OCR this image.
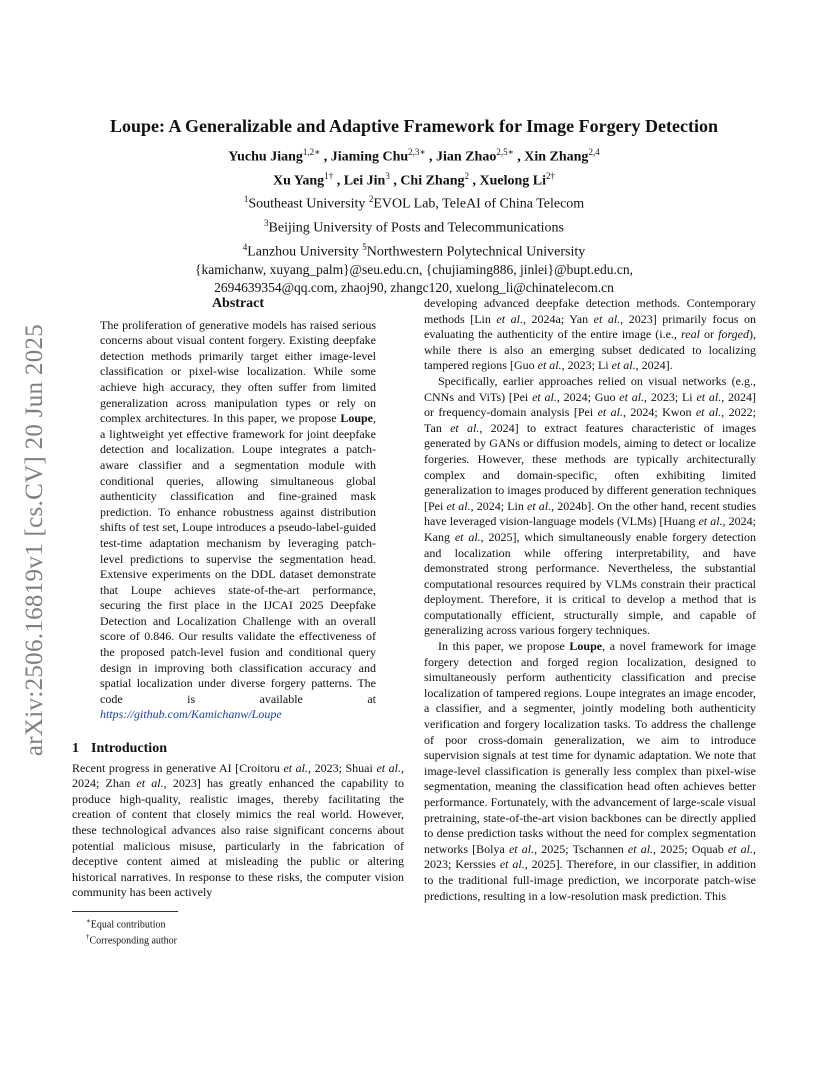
arXiv:2506.16819v1 [cs.CV] 20 Jun 2025
Loupe: A Generalizable and Adaptive Framework for Image Forgery Detection
Yuchu Jiang$^{1,2∗}$ , Jiaming Chu$^{2,3∗}$ , Jian Zhao$^{2,5∗}$ , Xin Zhang$^{2,4}$
Xu Yang$^{1\dagger}$ , Lei Jin$^3$ , Chi Zhang$^2$ , Xuelong $Li^{2\dagger}$
$^1$Southeast University $^2$EVOL Lab, TeleAI of China Telecom
$^3$Beijing University of Posts and Telecommunications
$^4$Lanzhou University $^5$Northwestern Polytechnical University
{kamichanw, xuyang_palm}@seu.edu.cn, {chujiaming886, jinlei}@bupt.edu.cn,
2694639354@qq.com, zhaoj90, zhangc120, xuelong_li@chinatelecom.cn
Abstract
The proliferation of generative models has raised serious concerns about visual content forgery. Existing deepfake detection methods primarily target either image-level classification or pixel-wise localization. While some achieve high accuracy, they often suffer from limited generalization across manipulation types or rely on complex architectures. In this paper, we propose Loupe, a lightweight yet effective framework for joint deepfake detection and localization. Loupe integrates a patch-aware classifier and a segmentation module with conditional queries, allowing simultaneous global authenticity classification and fine-grained mask prediction. To enhance robustness against distribution shifts of test set, Loupe introduces a pseudo-label-guided test-time adaptation mechanism by leveraging patch-level predictions to supervise the segmentation head. Extensive experiments on the DDL dataset demonstrate that Loupe achieves state-of-the-art performance, securing the first place in the IJCAI 2025 Deepfake Detection and Localization Challenge with an overall score of 0.846. Our results validate the effectiveness of the proposed patch-level fusion and conditional query design in improving both classification accuracy and spatial localization under diverse forgery patterns. The code is available at https://github.com/Kamichanw/Loupe
1 Introduction

Recent progress in generative AI [Croitoru et al., 2023; Shuai et al., 2024; Zhan et al., 2023] has greatly enhanced the capability to produce high-quality, realistic images, thereby facilitating the creation of content that closely mimics the real world. However, these technological advances also raise significant concerns about potential malicious misuse, particularly in the fabrication of deceptive content aimed at misleading the public or altering historical narratives. In response to these risks, the computer vision community has been actively

∗Equal contribution
†Corresponding author

developing advanced deepfake detection methods. Contemporary methods [Lin et al., 2024a; Yan et al., 2023] primarily focus on evaluating the authenticity of the entire image (i.e., real or forged), while there is also an emerging subset dedicated to localizing tampered regions [Guo et al., 2023; Li et al., 2024].

Specifically, earlier approaches relied on visual networks (e.g., CNNs and ViTs) [Pei et al., 2024; Guo et al., 2023; Li et al., 2024] or frequency-domain analysis [Pei et al., 2024; Kwon et al., 2022; Tan et al., 2024] to extract features characteristic of images generated by GANs or diffusion models, aiming to detect or localize forgeries. However, these methods are typically architecturally complex and domain-specific, often exhibiting limited generalization to images produced by different generation techniques [Pei et al., 2024; Lin et al., 2024b]. On the other hand, recent studies have leveraged vision-language models (VLMs) [Huang et al., 2024; Kang et al., 2025], which simultaneously enable forgery detection and localization while offering interpretability, and have demonstrated strong performance. Nevertheless, the substantial computational resources required by VLMs constrain their practical deployment. Therefore, it is critical to develop a method that is computationally efficient, structurally simple, and capable of generalizing across various forgery techniques.

In this paper, we propose Loupe, a novel framework for image forgery detection and forged region localization, designed to simultaneously perform authenticity classification and precise localization of tampered regions. Loupe integrates an image encoder, a classifier, and a segmenter, jointly modeling both authenticity verification and forgery localization tasks. To address the challenge of poor cross-domain generalization, we aim to introduce supervision signals at test time for dynamic adaptation. We note that image-level classification is generally less complex than pixel-wise segmentation, meaning the classification head often achieves better performance. Fortunately, with the advancement of large-scale visual pretraining, state-of-the-art vision backbones can be directly applied to dense prediction tasks without the need for complex segmentation networks [Bolya et al., 2025; Tschannen et al., 2025; Oquab et al., 2023; Kerssies et al., 2025]. Therefore, in our classifier, in addition to the traditional full-image prediction, we incorporate patch-wise predictions, resulting in a low-resolution mask prediction. This
